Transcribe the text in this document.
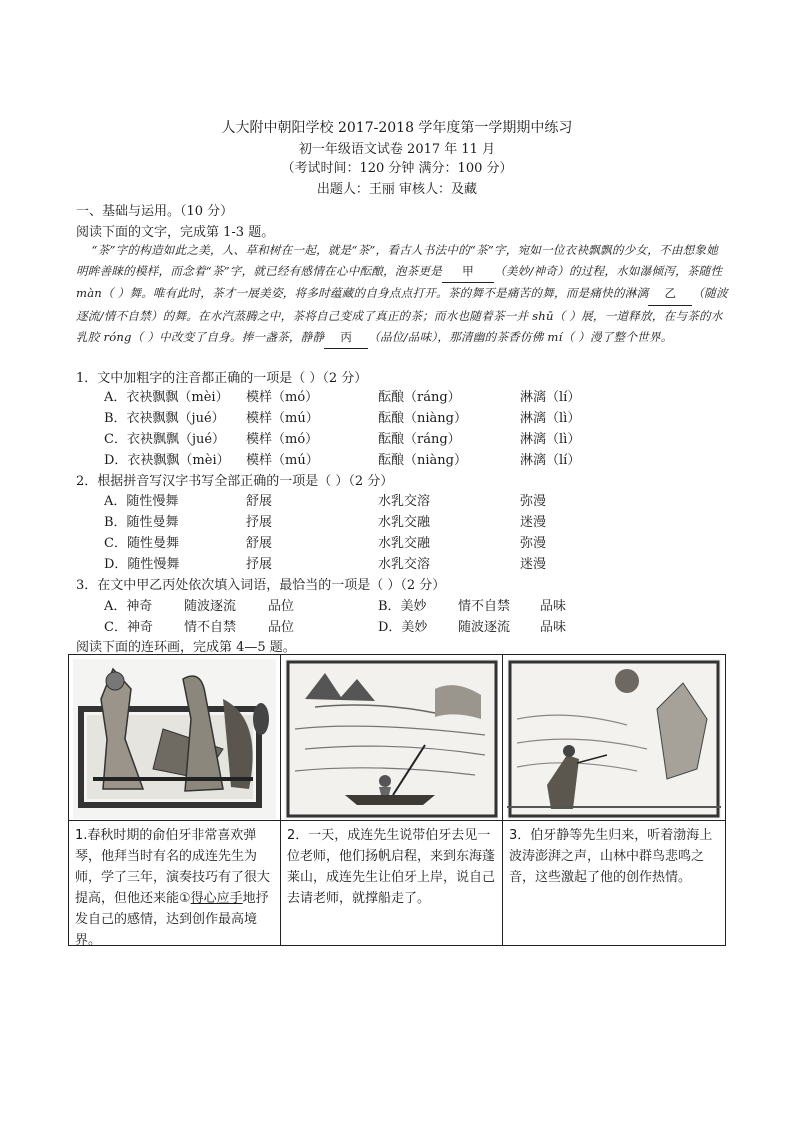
人大附中朝阳学校 2017-2018 学年度第一学期期中练习
初一年级语文试卷 2017 年 11 月
（考试时间：120 分钟 满分：100 分）
出题人：王丽 审核人：及藏
一、基础与运用。（10 分）
阅读下面的文字，完成第 1-3 题。
“茶”字的构造如此之美，人、草和树在一起，就是“茶”，看古人书法中的“茶”字，宛如一位衣袂飘飘的少女，不由想象她明眸善睐的模样，而念着“茶”字，就已经有感情在心中酝酿，泡茶更是 甲 （美妙/神奇）的过程，水如瀑倾泻，茶随性 màn（ ）舞。唯有此时，茶才一展美姿，将多时蕴藏的自身点点打开。茶的舞不是痛苦的舞，而是痛快的淋漓 乙 （随波逐流/情不自禁）的舞。在水汽蒸腾之中，茶将自己变成了真正的茶；而水也随着茶一并 shū（ ）展，一道释放，在与茶的水乳胶 róng（ ）中改变了自身。捧一盏茶，静静 丙 （品位/品味），那清幽的茶香仿佛 mí（ ）漫了整个世界。
1．文中加粗字的注音都正确的一项是（ ）（2 分）
A．衣袂飘飘（mèi） 模样（mó）	酝酿（ráng）	淋漓（lí）
B．衣袂飘飘（jué） 模样（mú）	酝酿（niàng）	淋漓（lì）
C．衣袂飘飘（jué） 模样（mó）	酝酿（ráng）	淋漓（lì）
D．衣袂飘飘（mèi） 模样（mú）	酝酿（niàng）	淋漓（lí）
2．根据拼音写汉字书写全部正确的一项是（ ）（2 分）
A．随性慢舞	舒展	水乳交溶	弥漫
B．随性曼舞	抒展	水乳交融	迷漫
C．随性曼舞	舒展	水乳交融	弥漫
D．随性慢舞	抒展	水乳交溶	迷漫
3．在文中甲乙丙处依次填入词语，最恰当的一项是（ ）（2 分）
A．神奇 随波逐流 品位	B．美妙 情不自禁 品味
C．神奇 情不自禁 品位	D．美妙 随波逐流 品味
阅读下面的连环画，完成第 4—5 题。
1.春秋时期的俞伯牙非常喜欢弹琴，他拜当时有名的成连先生为师，学了三年，演奏技巧有了很大提高，但他还来能①得心应手地抒发自己的感情，达到创作最高境界。
2．一天，成连先生说带伯牙去见一位老师，他们扬帆启程，来到东海蓬莱山，成连先生让伯牙上岸，说自己去请老师，就撑船走了。
3．伯牙静等先生归来，听着渤海上波涛澎湃之声，山林中群鸟悲鸣之音，这些激起了他的创作热情。
